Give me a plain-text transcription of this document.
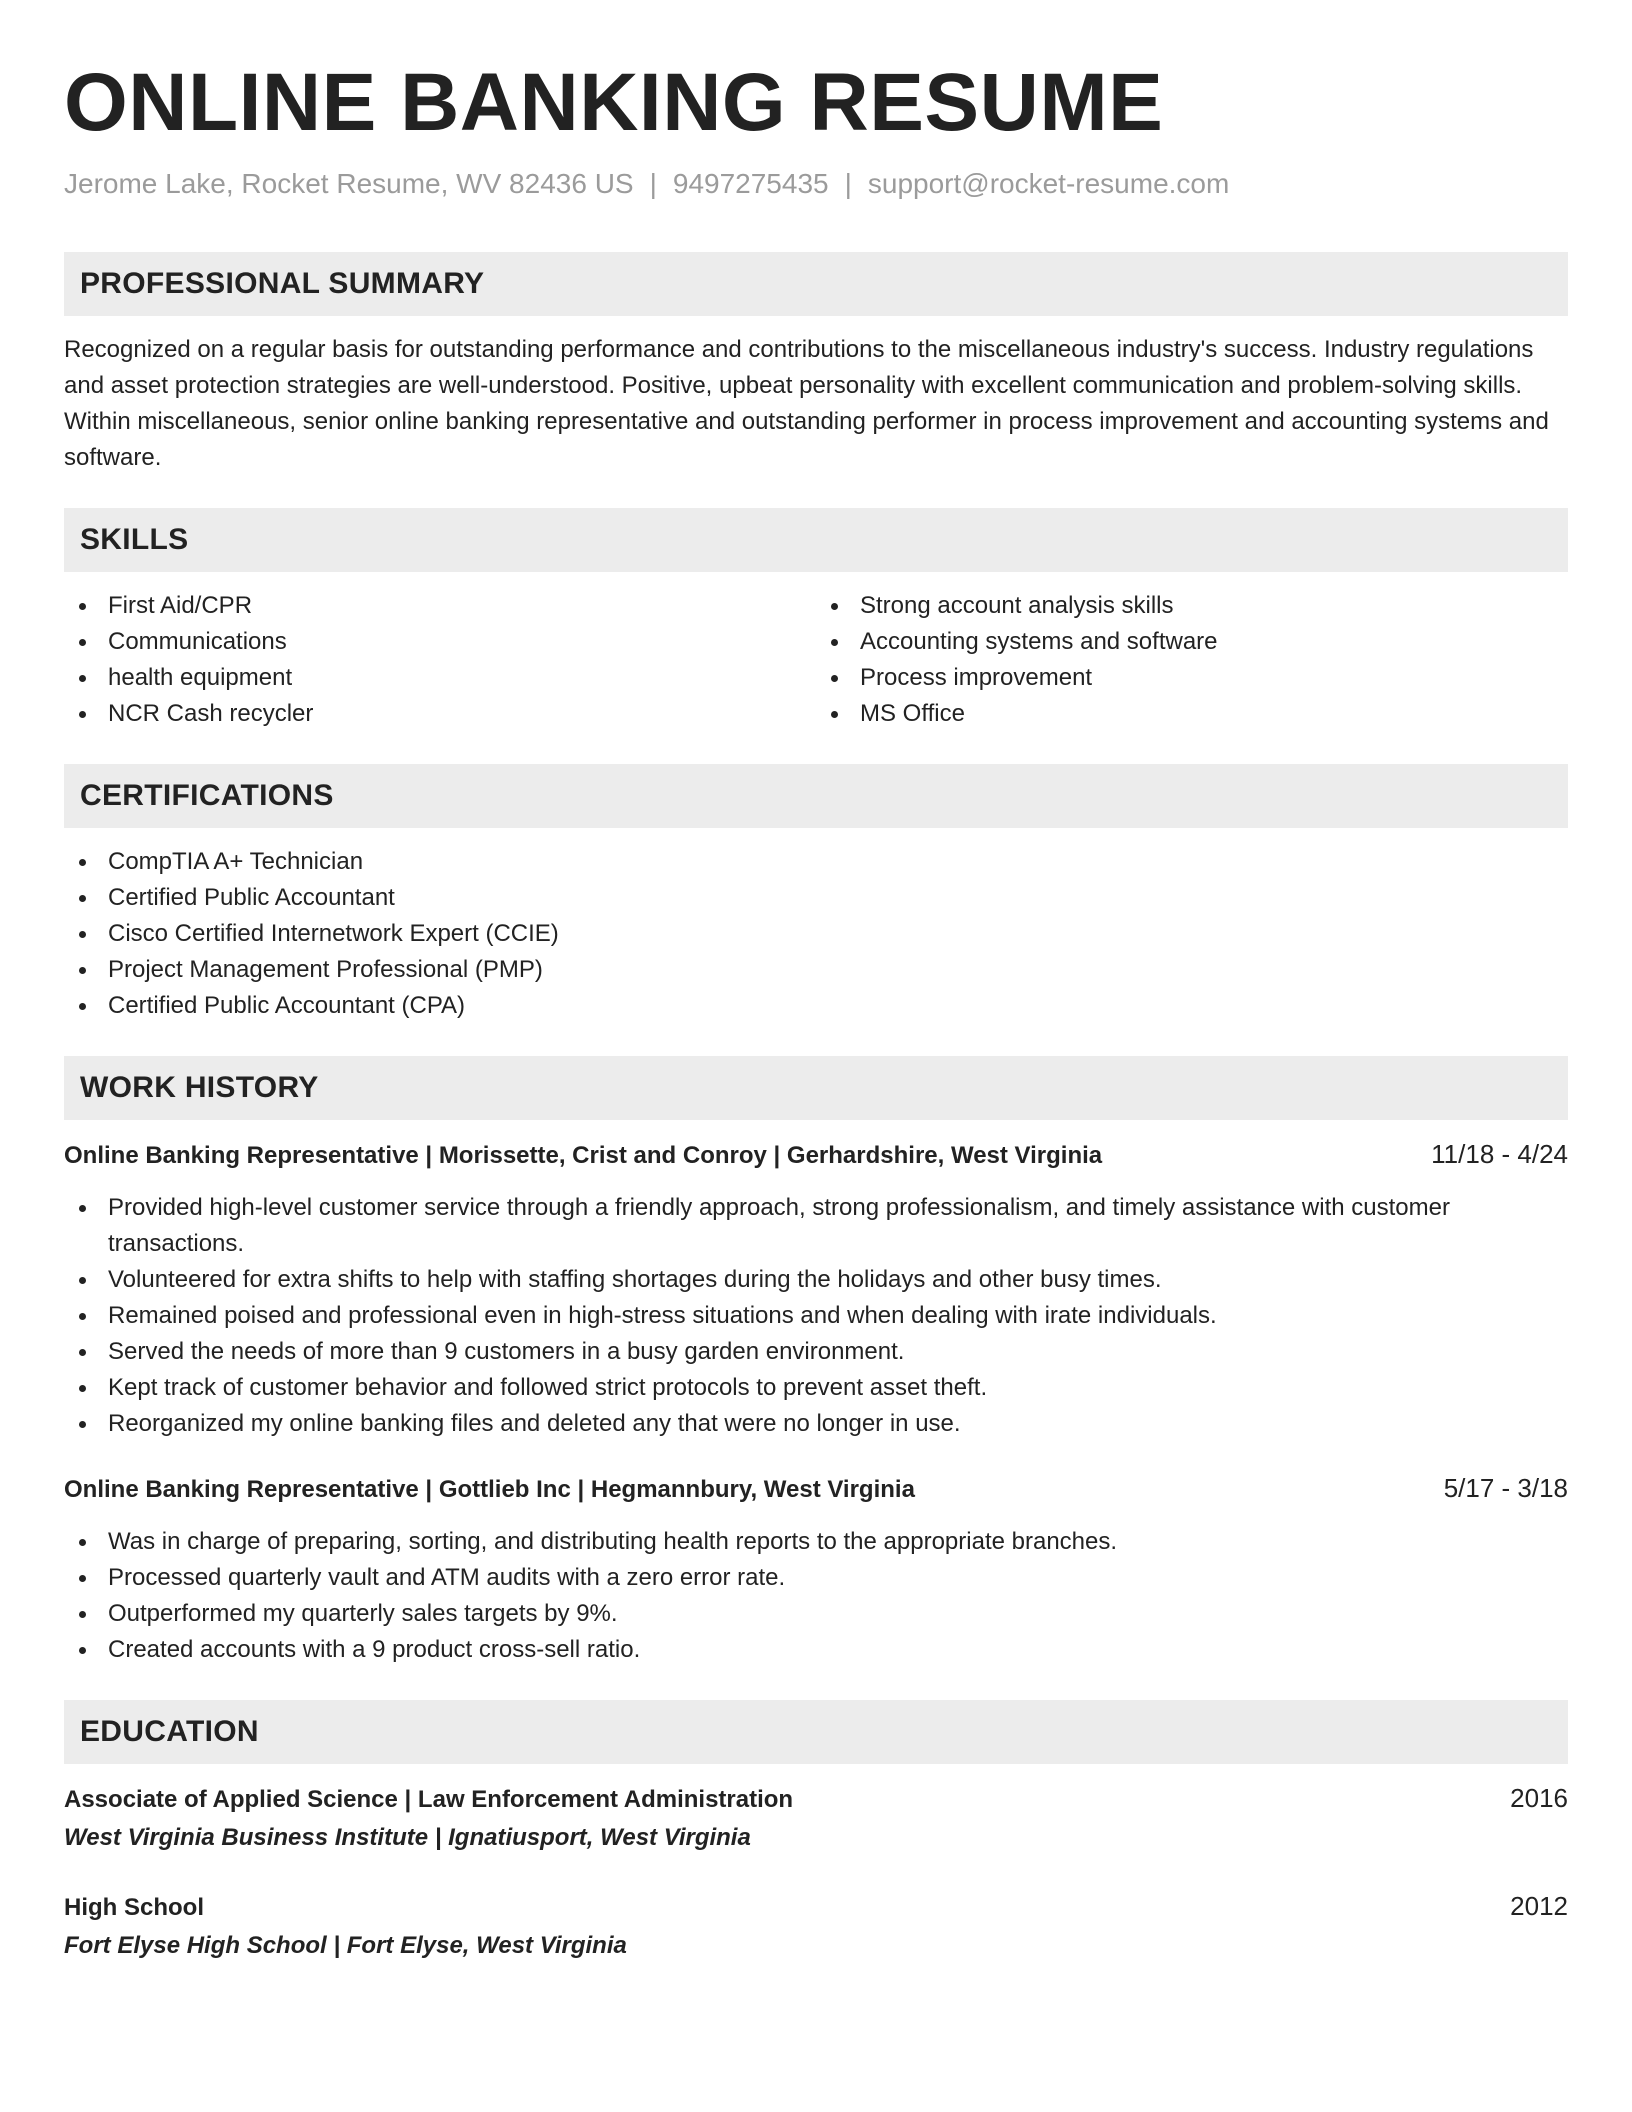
ONLINE BANKING RESUME
Jerome Lake, Rocket Resume, WV 82436 US | 9497275435 | support@rocket-resume.com
PROFESSIONAL SUMMARY

Recognized on a regular basis for outstanding performance and contributions to the miscellaneous industry's success. Industry regulations and asset protection strategies are well-understood. Positive, upbeat personality with excellent communication and problem-solving skills. Within miscellaneous, senior online banking representative and outstanding performer in process improvement and accounting systems and software.

SKILLS
First Aid/CPR
Communications
health equipment
NCR Cash recycler
Strong account analysis skills
Accounting systems and software
Process improvement
MS Office
CERTIFICATIONS
CompTIA A+ Technician
Certified Public Accountant
Cisco Certified Internetwork Expert (CCIE)
Project Management Professional (PMP)
Certified Public Accountant (CPA)
WORK HISTORY
Online Banking Representative | Morissette, Crist and Conroy | Gerhardshire, West Virginia	11/18 - 4/24
Provided high-level customer service through a friendly approach, strong professionalism, and timely assistance with customer transactions.
Volunteered for extra shifts to help with staffing shortages during the holidays and other busy times.
Remained poised and professional even in high-stress situations and when dealing with irate individuals.
Served the needs of more than 9 customers in a busy garden environment.
Kept track of customer behavior and followed strict protocols to prevent asset theft.
Reorganized my online banking files and deleted any that were no longer in use.
Online Banking Representative | Gottlieb Inc | Hegmannbury, West Virginia	5/17 - 3/18
Was in charge of preparing, sorting, and distributing health reports to the appropriate branches.
Processed quarterly vault and ATM audits with a zero error rate.
Outperformed my quarterly sales targets by 9%.
Created accounts with a 9 product cross-sell ratio.
EDUCATION
Associate of Applied Science | Law Enforcement Administration	2016
West Virginia Business Institute | Ignatiusport, West Virginia
High School	2012
Fort Elyse High School | Fort Elyse, West Virginia
